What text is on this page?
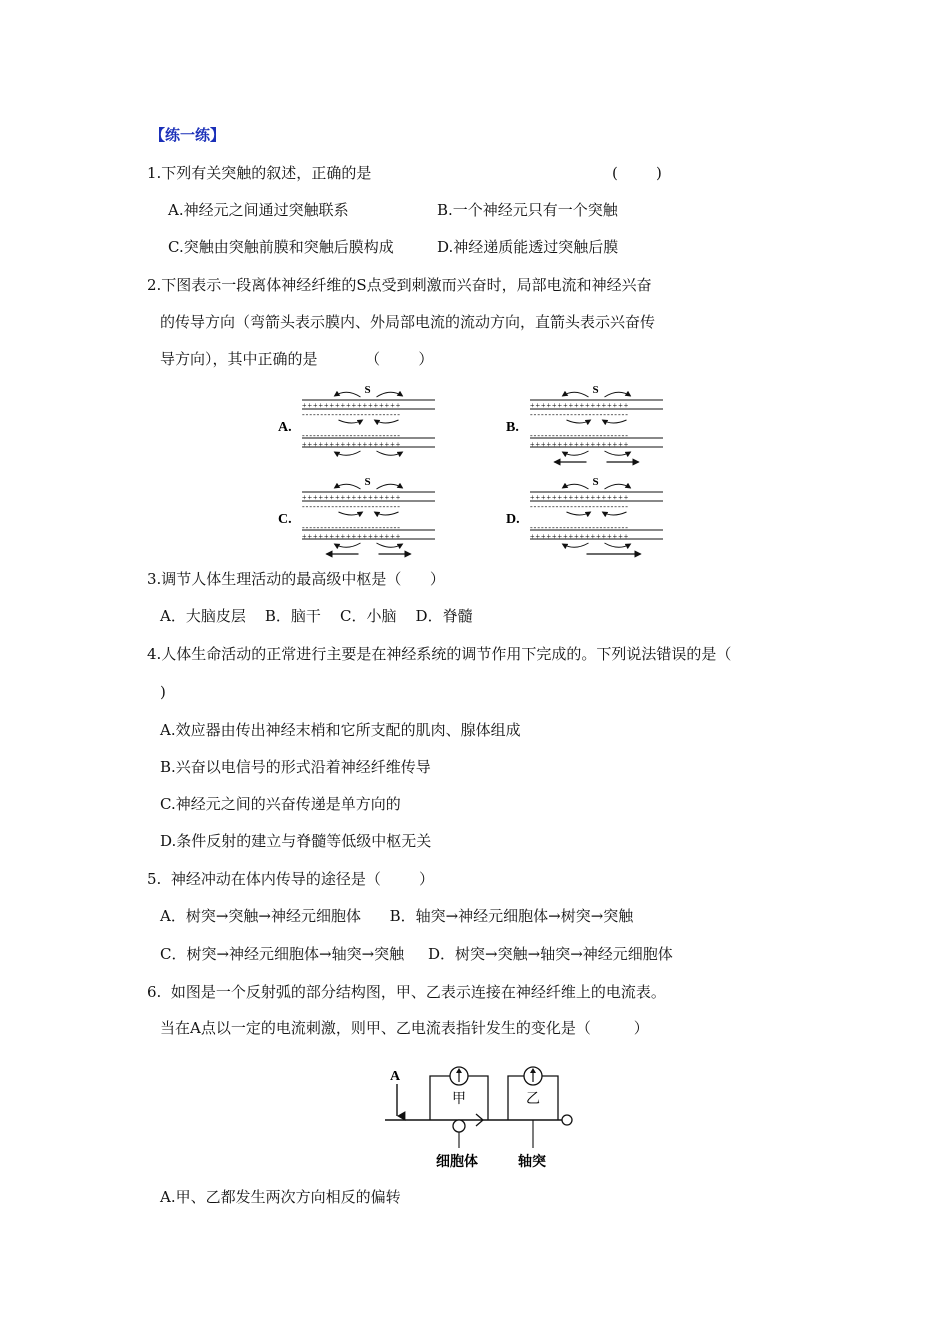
【练一练】
1.下列有关突触的叙述，正确的是	(        )
A.神经元之间通过突触联系	B.一个神经元只有一个突触
C.突触由突触前膜和突触后膜构成	D.神经递质能透过突触后膜
2.下图表示一段离体神经纤维的S点受到刺激而兴奋时，局部电流和神经兴奋
的传导方向（弯箭头表示膜内、外局部电流的流动方向，直箭头表示兴奋传
导方向），其中正确的是          （        ）
A.
S
++++++++++++++++++
---------------------------
---------------------------
++++++++++++++++++
B.
S
++++++++++++++++++
---------------------------
---------------------------
++++++++++++++++++
C.
S
++++++++++++++++++
---------------------------
---------------------------
++++++++++++++++++
D.
S
++++++++++++++++++
---------------------------
---------------------------
++++++++++++++++++
3.调节人体生理活动的最高级中枢是（      ）
A．大脑皮层    B．脑干    C．小脑    D．脊髓
4.人体生命活动的正常进行主要是在神经系统的调节作用下完成的。下列说法错误的是（
)
A.效应器由传出神经末梢和它所支配的肌肉、腺体组成
B.兴奋以电信号的形式沿着神经纤维传导
C.神经元之间的兴奋传递是单方向的
D.条件反射的建立与脊髓等低级中枢无关
5.  神经冲动在体内传导的途径是（        ）
A．树突→突触→神经元细胞体      B．轴突→神经元细胞体→树突→突触
C．树突→神经元细胞体→轴突→突触     D．树突→突触→轴突→神经元细胞体
6.  如图是一个反射弧的部分结构图，甲、乙表示连接在神经纤维上的电流表。
当在A点以一定的电流刺激，则甲、乙电流表指针发生的变化是（         ）
A
甲	乙
细胞体	轴突
A.甲、乙都发生两次方向相反的偏转
